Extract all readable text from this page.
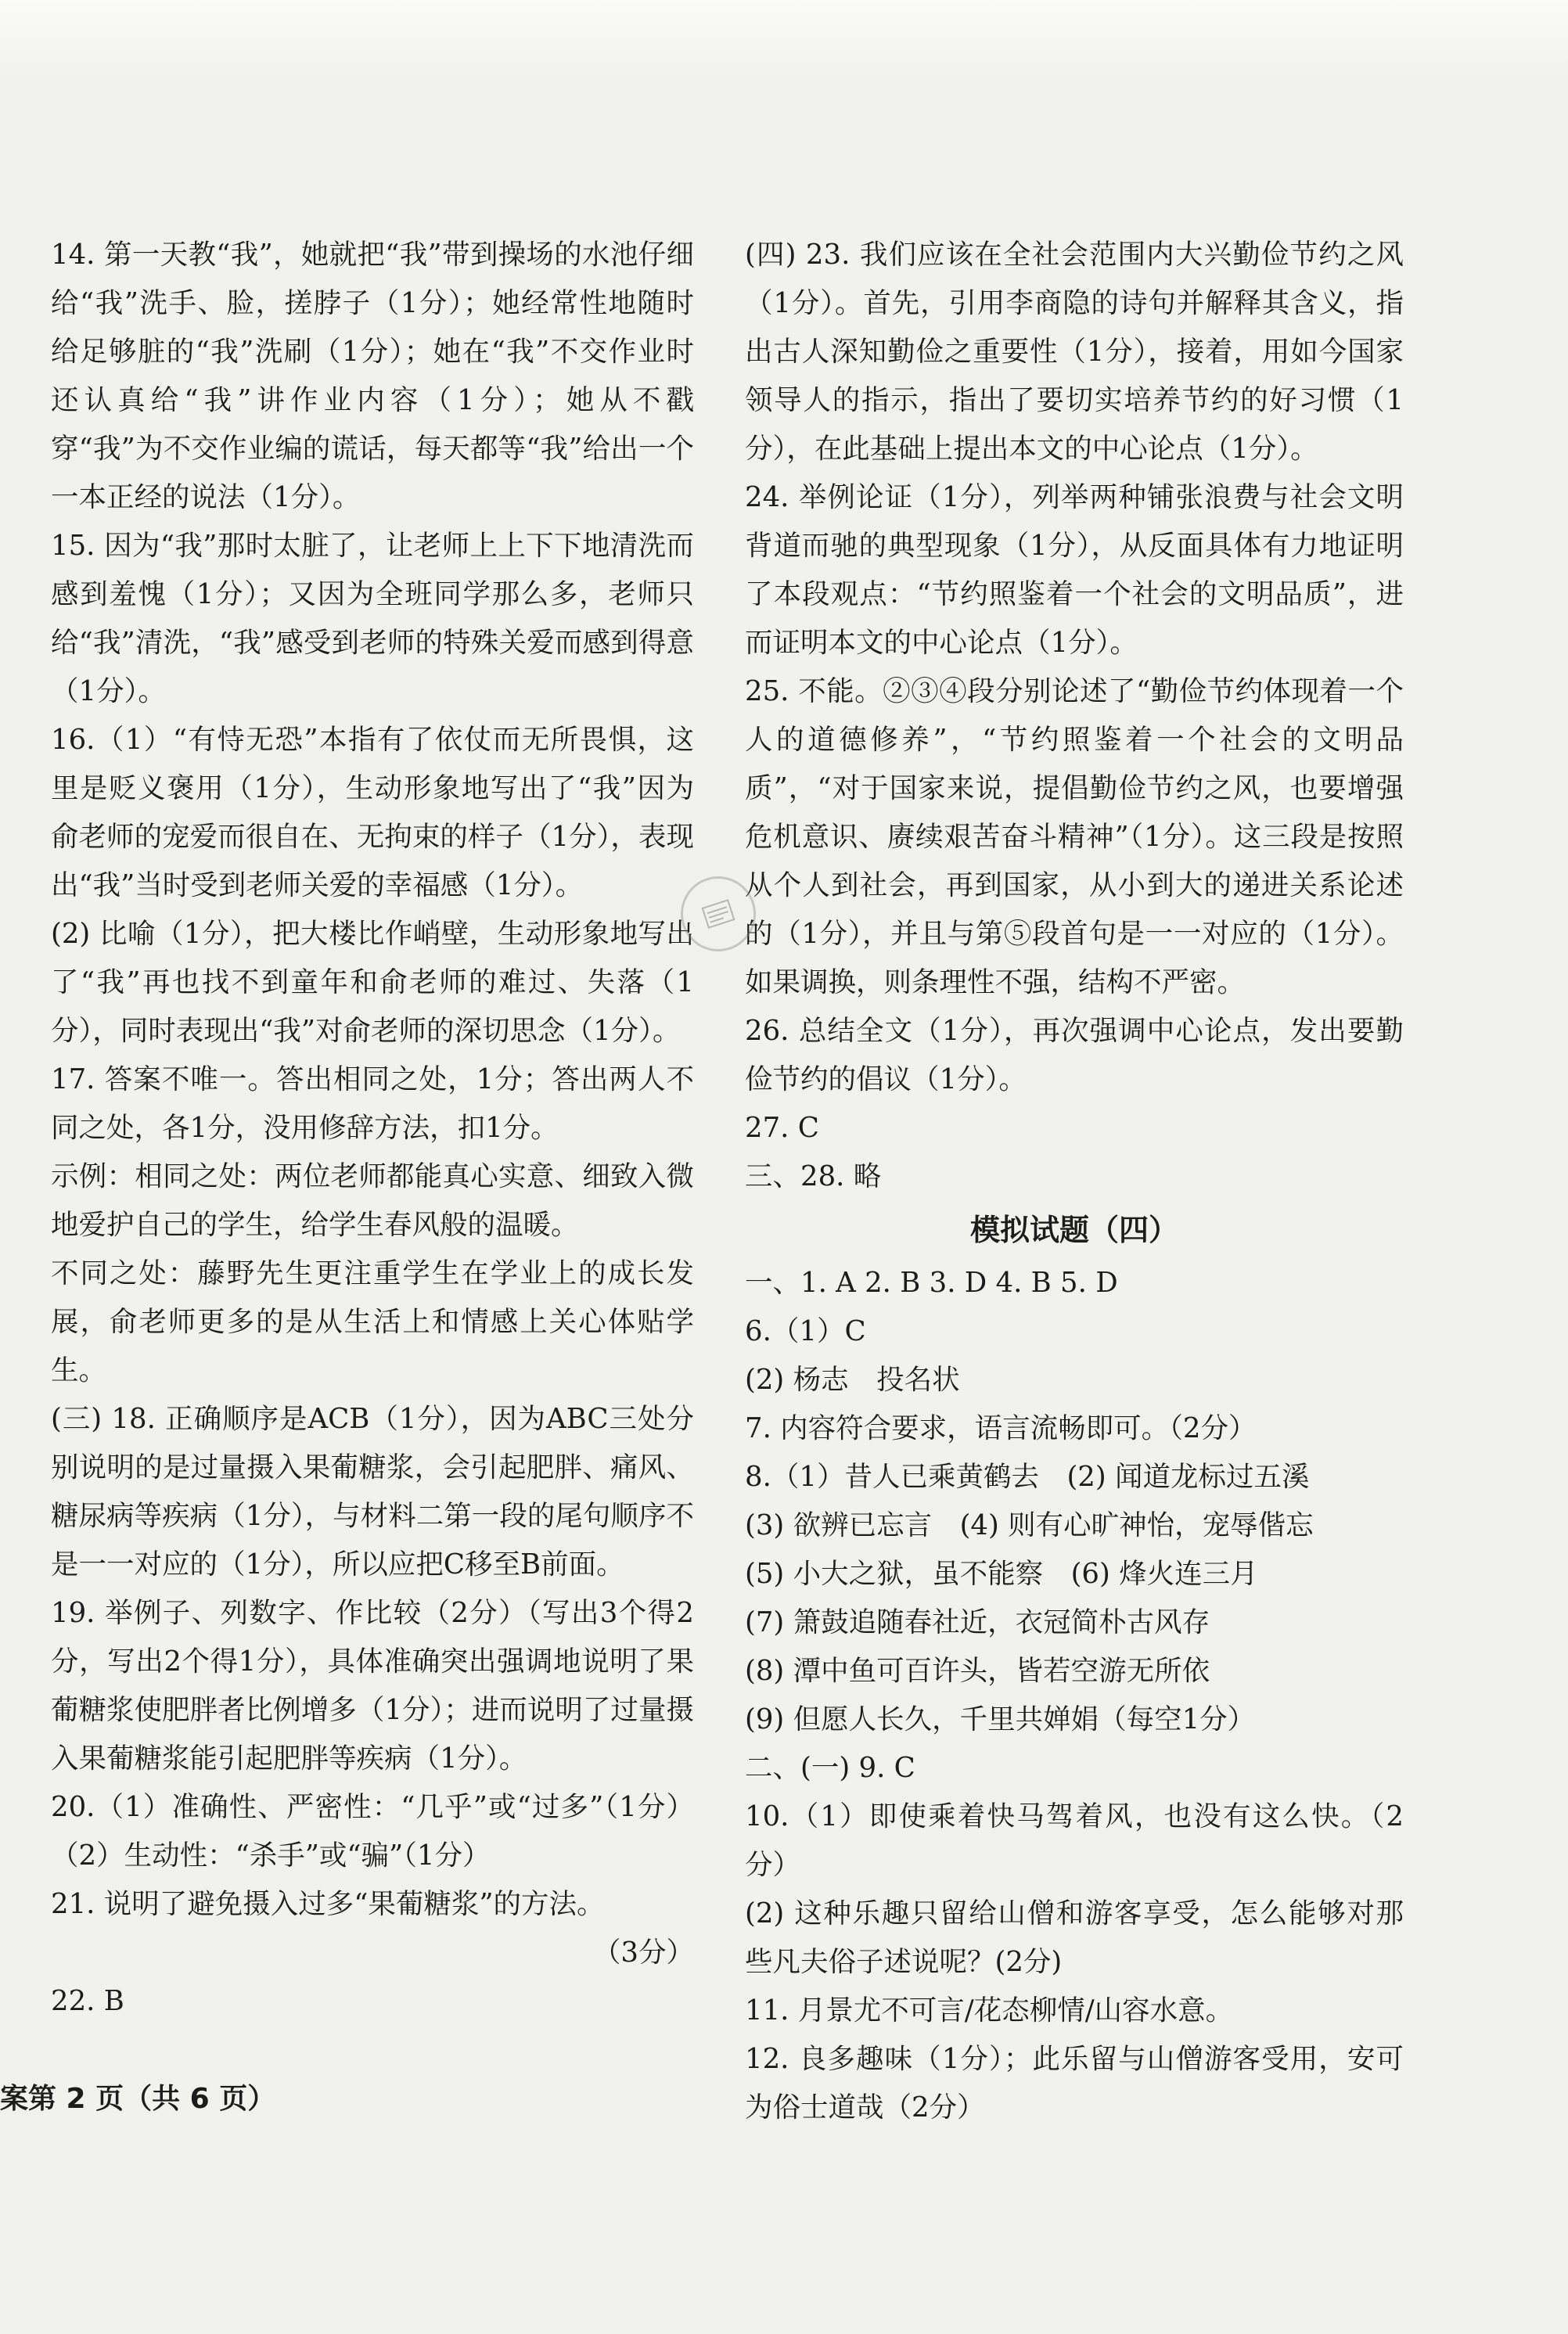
14. 第一天教“我”，她就把“我”带到操场的水池仔细给“我”洗手、脸，搓脖子（1分）；她经常性地随时给足够脏的“我”洗刷（1分）；她在“我”不交作业时还认真给“我”讲作业内容（1分）；她从不戳穿“我”为不交作业编的谎话，每天都等“我”给出一个一本正经的说法（1分）。

15. 因为“我”那时太脏了，让老师上上下下地清洗而感到羞愧（1分）；又因为全班同学那么多，老师只给“我”清洗，“我”感受到老师的特殊关爱而感到得意（1分）。

16.（1）“有恃无恐”本指有了依仗而无所畏惧，这里是贬义褒用（1分），生动形象地写出了“我”因为俞老师的宠爱而很自在、无拘束的样子（1分），表现出“我”当时受到老师关爱的幸福感（1分）。

(2) 比喻（1分），把大楼比作峭壁，生动形象地写出了“我”再也找不到童年和俞老师的难过、失落（1分），同时表现出“我”对俞老师的深切思念（1分）。

17. 答案不唯一。答出相同之处，1分；答出两人不同之处，各1分，没用修辞方法，扣1分。

示例：相同之处：两位老师都能真心实意、细致入微地爱护自己的学生，给学生春风般的温暖。

不同之处：藤野先生更注重学生在学业上的成长发展，俞老师更多的是从生活上和情感上关心体贴学生。

(三) 18. 正确顺序是ACB（1分），因为ABC三处分别说明的是过量摄入果葡糖浆，会引起肥胖、痛风、糖尿病等疾病（1分），与材料二第一段的尾句顺序不是一一对应的（1分），所以应把C移至B前面。

19. 举例子、列数字、作比较（2分）（写出3个得2分，写出2个得1分），具体准确突出强调地说明了果葡糖浆使肥胖者比例增多（1分）；进而说明了过量摄入果葡糖浆能引起肥胖等疾病（1分）。

20.（1）准确性、严密性：“几乎”或“过多”（1分）（2）生动性：“杀手”或“骗”（1分）

21. 说明了避免摄入过多“果葡糖浆”的方法。

（3分）

22. B

(四) 23. 我们应该在全社会范围内大兴勤俭节约之风（1分）。首先，引用李商隐的诗句并解释其含义，指出古人深知勤俭之重要性（1分），接着，用如今国家领导人的指示，指出了要切实培养节约的好习惯（1分），在此基础上提出本文的中心论点（1分）。

24. 举例论证（1分），列举两种铺张浪费与社会文明背道而驰的典型现象（1分），从反面具体有力地证明了本段观点：“节约照鉴着一个社会的文明品质”，进而证明本文的中心论点（1分）。

25. 不能。②③④段分别论述了“勤俭节约体现着一个人的道德修养”，“节约照鉴着一个社会的文明品质”，“对于国家来说，提倡勤俭节约之风，也要增强危机意识、赓续艰苦奋斗精神”（1分）。这三段是按照从个人到社会，再到国家，从小到大的递进关系论述的（1分），并且与第⑤段首句是一一对应的（1分）。如果调换，则条理性不强，结构不严密。

26. 总结全文（1分），再次强调中心论点，发出要勤俭节约的倡议（1分）。

27. C

三、28. 略

模拟试题（四）

一、1. A 2. B 3. D 4. B 5. D

6.（1）C

(2) 杨志　投名状

7. 内容符合要求，语言流畅即可。（2分）

8.（1）昔人已乘黄鹤去　(2) 闻道龙标过五溪

(3) 欲辨已忘言　(4) 则有心旷神怡，宠辱偕忘

(5) 小大之狱，虽不能察　(6) 烽火连三月

(7) 箫鼓追随春社近，衣冠简朴古风存

(8) 潭中鱼可百许头，皆若空游无所依

(9) 但愿人长久，千里共婵娟（每空1分）

二、(一) 9. C

10.（1）即使乘着快马驾着风，也没有这么快。（2分）

(2) 这种乐趣只留给山僧和游客享受，怎么能够对那些凡夫俗子述说呢？(2分)

11. 月景尤不可言/花态柳情/山容水意。

12. 良多趣味（1分）；此乐留与山僧游客受用，安可为俗士道哉（2分）

案第 2 页（共 6 页）
